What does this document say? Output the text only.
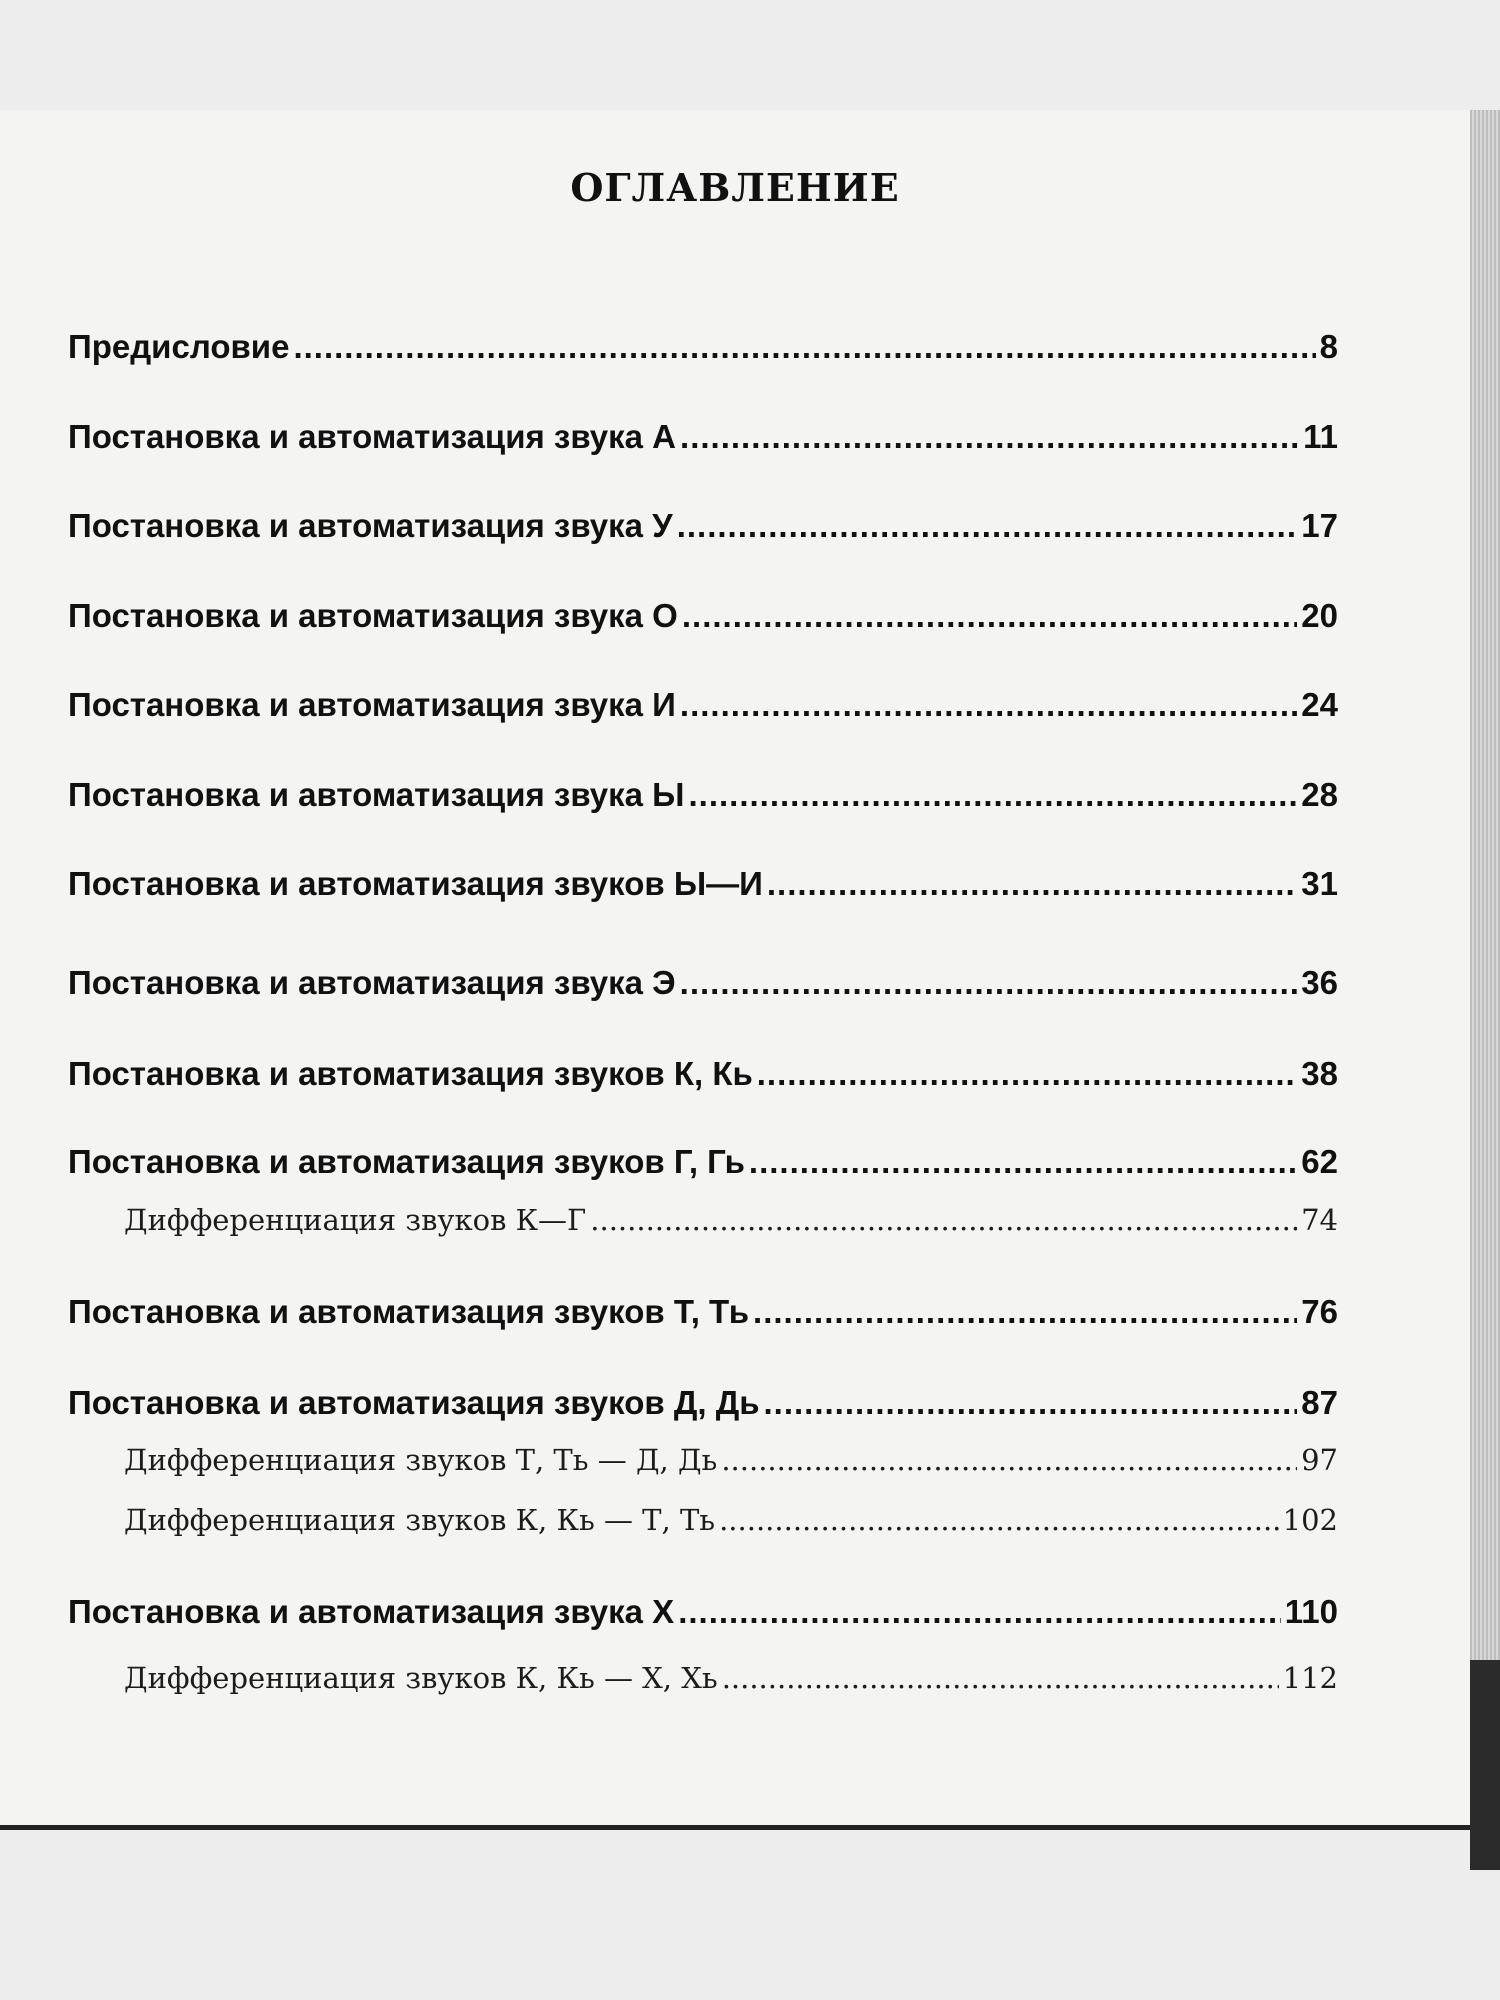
ОГЛАВЛЕНИЕ
Предисловие .....	8
Постановка и автоматизация звука А .....	11
Постановка и автоматизация звука У .....	17
Постановка и автоматизация звука О .....	20
Постановка и автоматизация звука И .....	24
Постановка и автоматизация звука Ы .....	28
Постановка и автоматизация звуков Ы—И .....	31
Постановка и автоматизация звука Э .....	36
Постановка и автоматизация звуков К, Кь .....	38
Постановка и автоматизация звуков Г, Гь .....	62
Дифференциация звуков К—Г .....	74
Постановка и автоматизация звуков Т, Ть .....	76
Постановка и автоматизация звуков Д, Дь .....	87
Дифференциация звуков Т, Ть — Д, Дь .....	97
Дифференциация звуков К, Кь — Т, Ть .....	102
Постановка и автоматизация звука Х .....	110
Дифференциация звуков К, Кь — Х, Хь .....	112
